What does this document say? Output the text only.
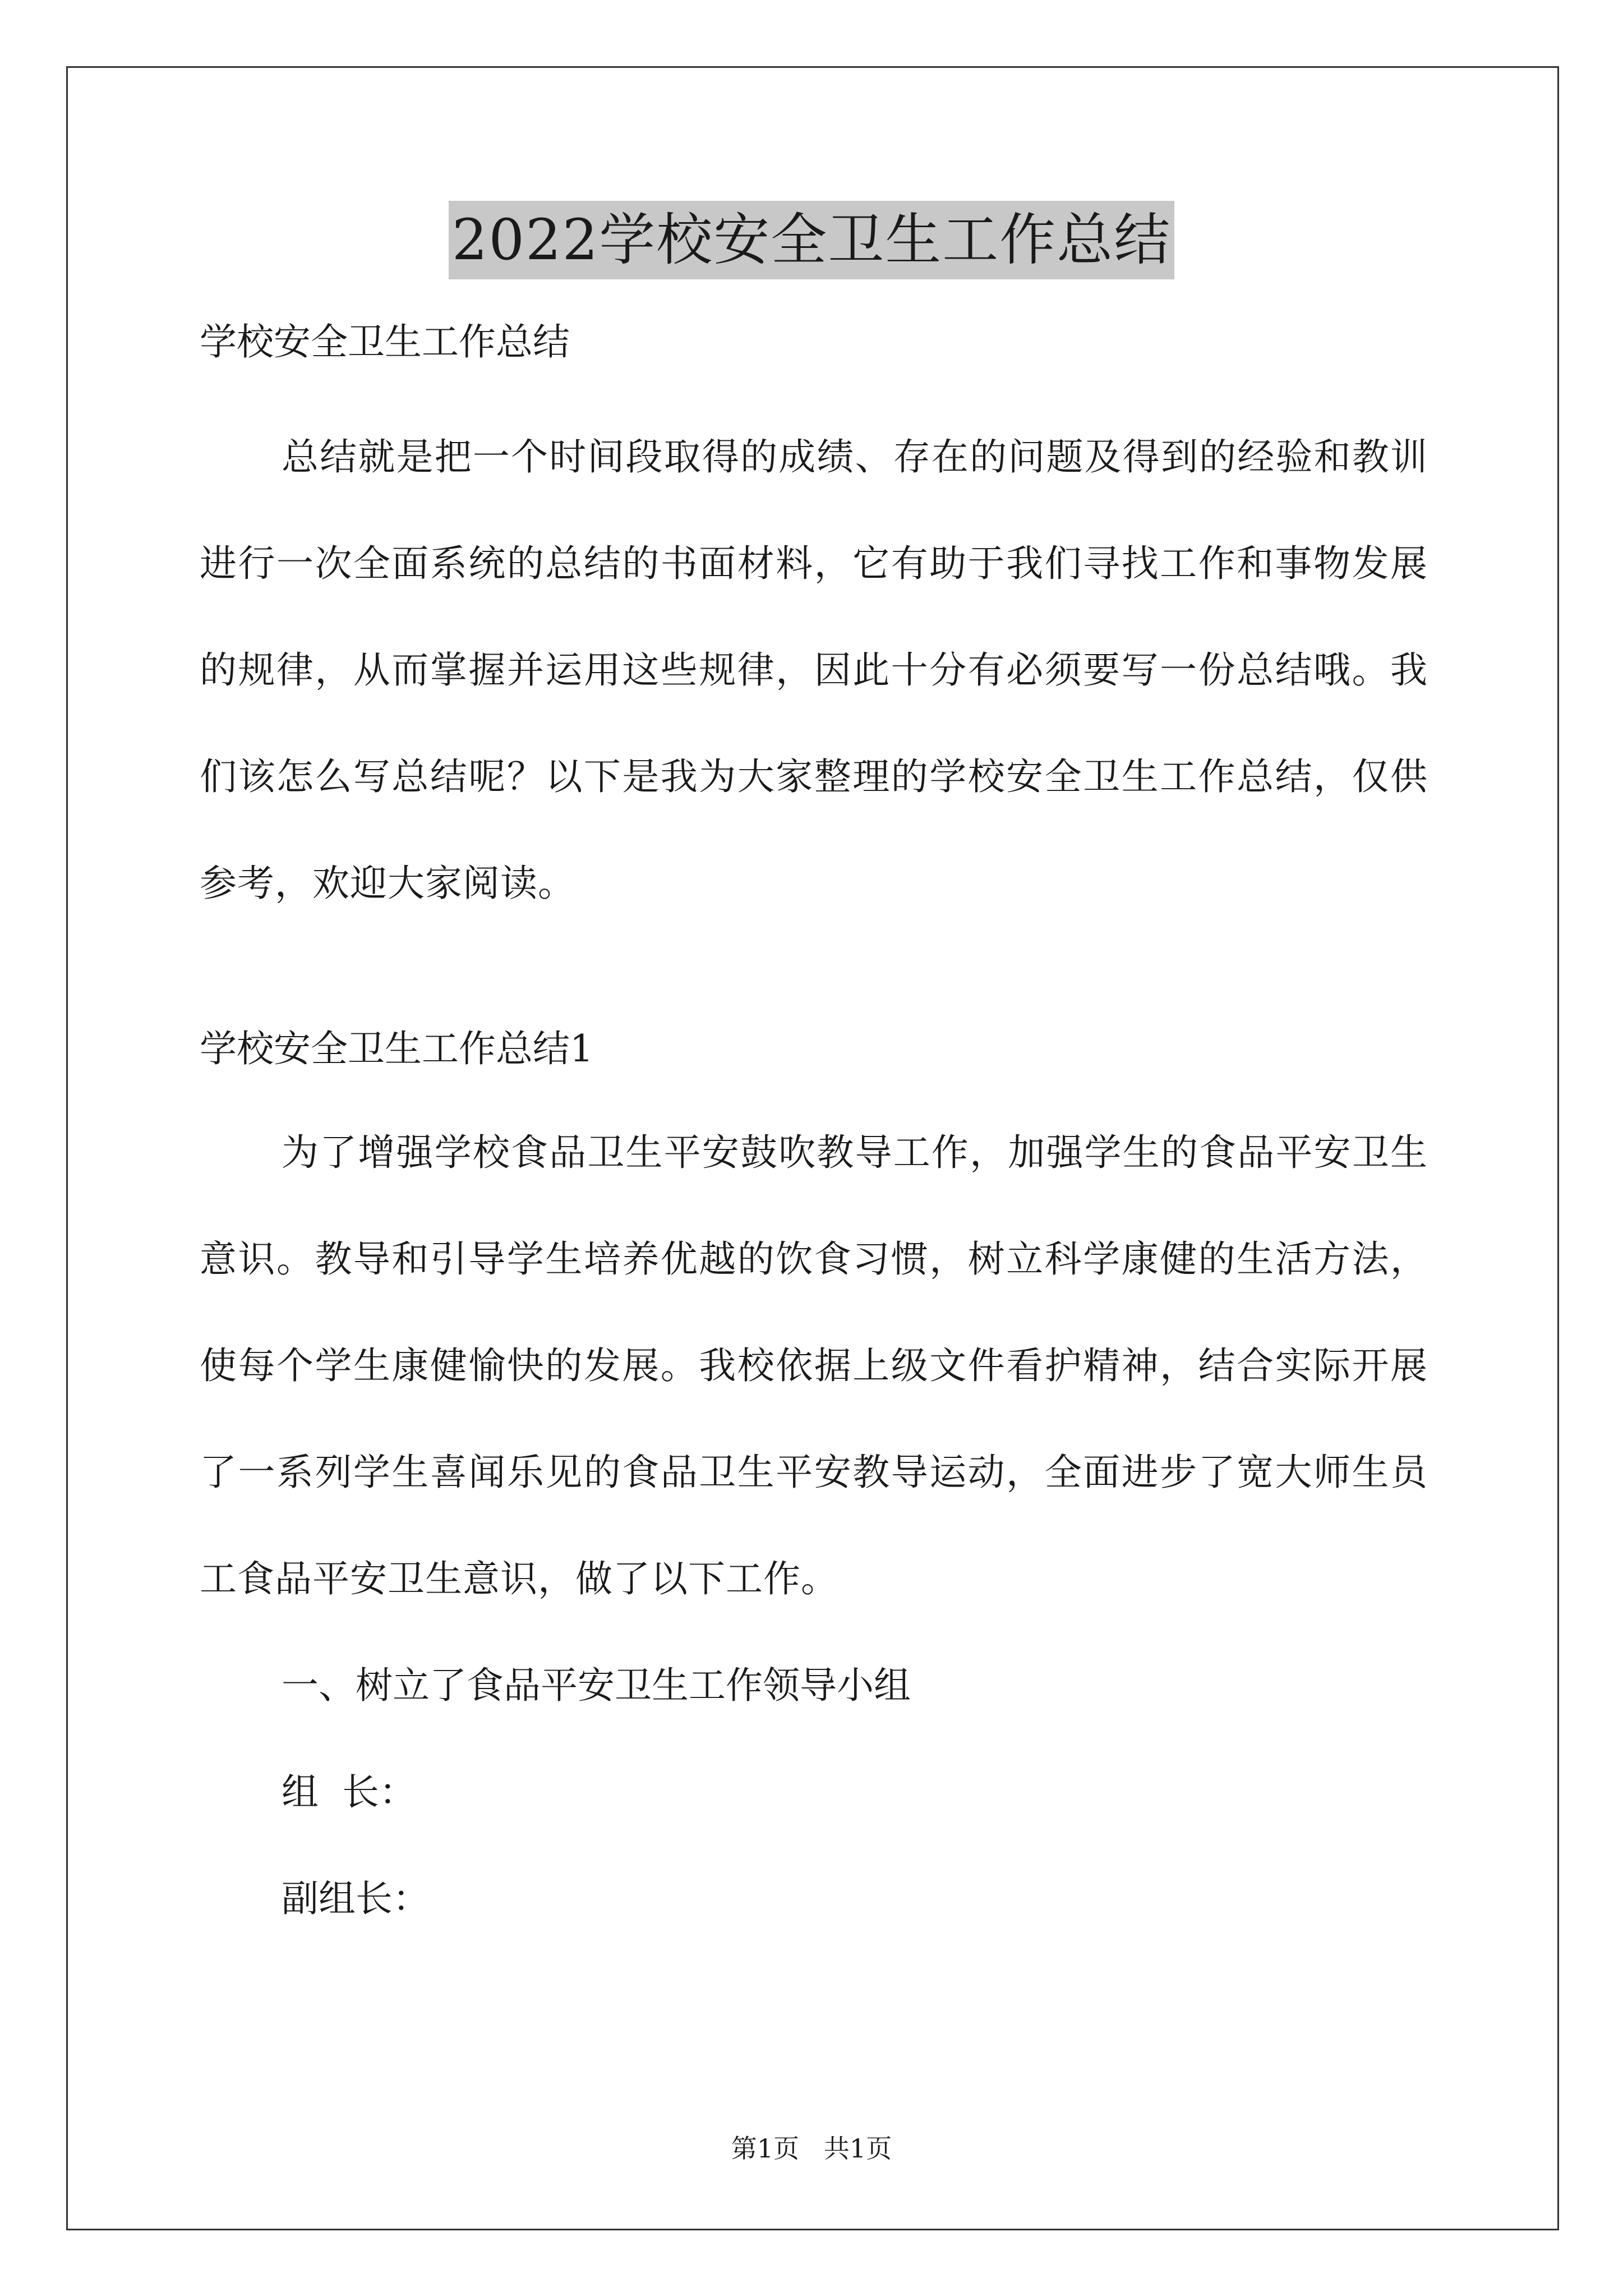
2022学校安全卫生工作总结

学校安全卫生工作总结

总结就是把一个时间段取得的成绩、存在的问题及得到的经验和教训进行一次全面系统的总结的书面材料，它有助于我们寻找工作和事物发展的规律，从而掌握并运用这些规律，因此十分有必须要写一份总结哦。我们该怎么写总结呢？以下是我为大家整理的学校安全卫生工作总结，仅供参考，欢迎大家阅读。

学校安全卫生工作总结1

为了增强学校食品卫生平安鼓吹教导工作，加强学生的食品平安卫生意识。教导和引导学生培养优越的饮食习惯，树立科学康健的生活方法，使每个学生康健愉快的发展。我校依据上级文件看护精神，结合实际开展了一系列学生喜闻乐见的食品卫生平安教导运动，全面进步了宽大师生员工食品平安卫生意识，做了以下工作。

一、树立了食品平安卫生工作领导小组

组  长：

副组长：

第1页   共1页
